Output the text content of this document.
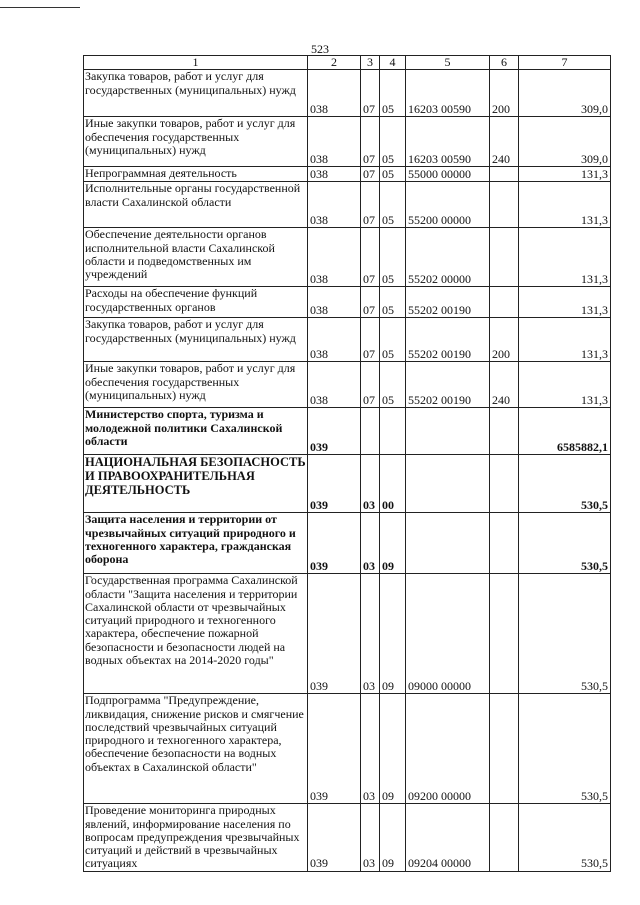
523
1	2	3	4	5	6	7
Закупка товаров, работ и услуг для государственных (муниципальных) нужд	038	07	05	16203 00590	200	309,0
Иные закупки товаров, работ и услуг для обеспечения государственных (муниципальных) нужд	038	07	05	16203 00590	240	309,0
Непрограммная деятельность	038	07	05	55000 00000		131,3
Исполнительные органы государственной власти Сахалинской области	038	07	05	55200 00000		131,3
Обеспечение деятельности органов исполнительной власти Сахалинской области и подведомственных им учреждений	038	07	05	55202 00000		131,3
Расходы на обеспечение функций государственных органов	038	07	05	55202 00190		131,3
Закупка товаров, работ и услуг для государственных (муниципальных) нужд	038	07	05	55202 00190	200	131,3
Иные закупки товаров, работ и услуг для обеспечения государственных (муниципальных) нужд	038	07	05	55202 00190	240	131,3
Министерство спорта, туризма и молодежной политики Сахалинской области	039					6585882,1
НАЦИОНАЛЬНАЯ БЕЗОПАСНОСТЬ И ПРАВООХРАНИТЕЛЬНАЯ ДЕЯТЕЛЬНОСТЬ	039	03	00			530,5
Защита населения и территории от чрезвычайных ситуаций природного и техногенного характера, гражданская оборона	039	03	09			530,5
Государственная программа Сахалинской области "Защита населения и территории Сахалинской области от чрезвычайных ситуаций природного и техногенного характера, обеспечение пожарной безопасности и безопасности людей на водных объектах на 2014-2020 годы"	039	03	09	09000 00000		530,5
Подпрограмма "Предупреждение, ликвидация, снижение рисков и смягчение последствий чрезвычайных ситуаций природного и техногенного характера, обеспечение безопасности на водных объектах в Сахалинской области"	039	03	09	09200 00000		530,5
Проведение мониторинга природных явлений, информирование населения по вопросам предупреждения чрезвычайных ситуаций и действий в чрезвычайных ситуациях	039	03	09	09204 00000		530,5
